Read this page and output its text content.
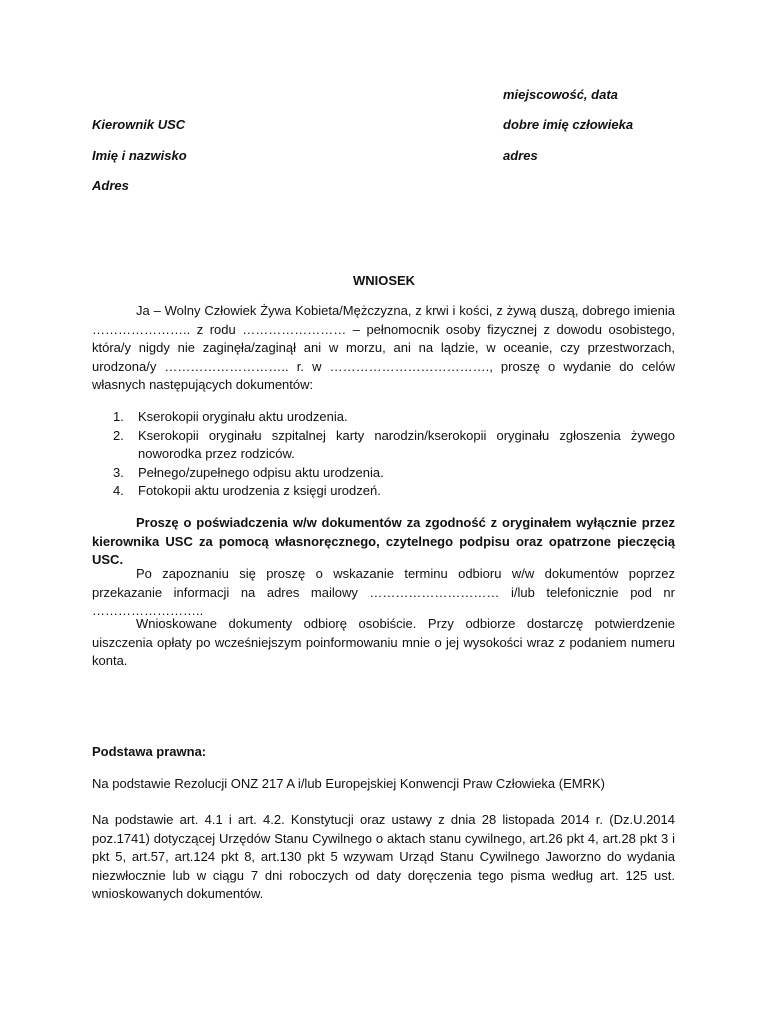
miejscowość, data

Kierownik USC	dobre imię człowieka

Imię i nazwisko	adres

Adres

WNIOSEK

Ja – Wolny Człowiek Żywa Kobieta/Mężczyzna, z krwi i kości, z żywą duszą, dobrego imienia ………………….. z rodu …………………… – pełnomocnik osoby fizycznej z dowodu osobistego, która/y nigdy nie zaginęła/zaginął ani w morzu, ani na lądzie, w oceanie, czy przestworzach, urodzona/y ……………………….. r. w ………………………………., proszę o wydanie do celów własnych następujących dokumentów:

1. Kserokopii oryginału aktu urodzenia.
2. Kserokopii oryginału szpitalnej karty narodzin/kserokopii oryginału zgłoszenia żywego noworodka przez rodziców.
3. Pełnego/zupełnego odpisu aktu urodzenia.
4. Fotokopii aktu urodzenia z księgi urodzeń.

Proszę o poświadczenia w/w dokumentów za zgodność z oryginałem wyłącznie przez kierownika USC za pomocą własnoręcznego, czytelnego podpisu oraz opatrzone pieczęcią USC.

Po zapoznaniu się proszę o wskazanie terminu odbioru w/w dokumentów poprzez przekazanie informacji na adres mailowy ………………………… i/lub telefonicznie pod nr ……………………..

Wnioskowane dokumenty odbiorę osobiście. Przy odbiorze dostarczę potwierdzenie uiszczenia opłaty po wcześniejszym poinformowaniu mnie o jej wysokości wraz z podaniem numeru konta.

Podstawa prawna:

Na podstawie Rezolucji ONZ 217 A i/lub Europejskiej Konwencji Praw Człowieka (EMRK)

Na podstawie art. 4.1 i art. 4.2. Konstytucji oraz ustawy z dnia 28 listopada 2014 r. (Dz.U.2014 poz.1741) dotyczącej Urzędów Stanu Cywilnego o aktach stanu cywilnego, art.26 pkt 4, art.28 pkt 3 i pkt 5, art.57, art.124 pkt 8, art.130 pkt 5 wzywam Urząd Stanu Cywilnego Jaworzno do wydania niezwłocznie lub w ciągu 7 dni roboczych od daty doręczenia tego pisma według art. 125 ust. wnioskowanych dokumentów.
